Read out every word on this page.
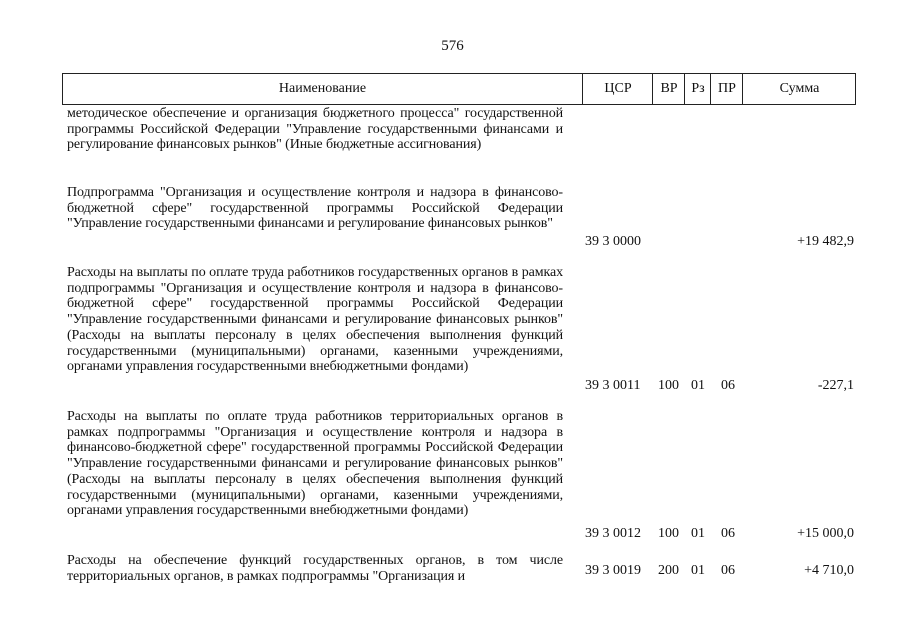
576
Наименование	ЦСР	ВР Рз ПР	Сумма
методическое обеспечение и организация бюджетного процесса" государственной программы Российской Федерации "Управление государственными финансами и регулирование финансовых рынков" (Иные бюджетные ассигнования)
Подпрограмма "Организация и осуществление контроля и надзора в финансово-бюджетной сфере" государственной программы Российской Федерации "Управление государственными финансами и регулирование финансовых рынков"
39 3 0000	+19 482,9
Расходы на выплаты по оплате труда работников государственных органов в рамках подпрограммы "Организация и осуществление контроля и надзора в финансово-бюджетной сфере" государственной программы Российской Федерации "Управление государственными финансами и регулирование финансовых рынков" (Расходы на выплаты персоналу в целях обеспечения выполнения функций государственными (муниципальными) органами, казенными учреждениями, органами управления государственными внебюджетными фондами)
39 3 0011 100 01 06	-227,1
Расходы на выплаты по оплате труда работников территориальных органов в рамках подпрограммы "Организация и осуществление контроля и надзора в финансово-бюджетной сфере" государственной программы Российской Федерации "Управление государственными финансами и регулирование финансовых рынков" (Расходы на выплаты персоналу в целях обеспечения выполнения функций государственными (муниципальными) органами, казенными учреждениями, органами управления государственными внебюджетными фондами)
39 3 0012 100 01 06	+15 000,0
Расходы на обеспечение функций государственных органов, в том числе территориальных органов, в рамках подпрограммы "Организация и	39 3 0019 200 01 06	+4 710,0
